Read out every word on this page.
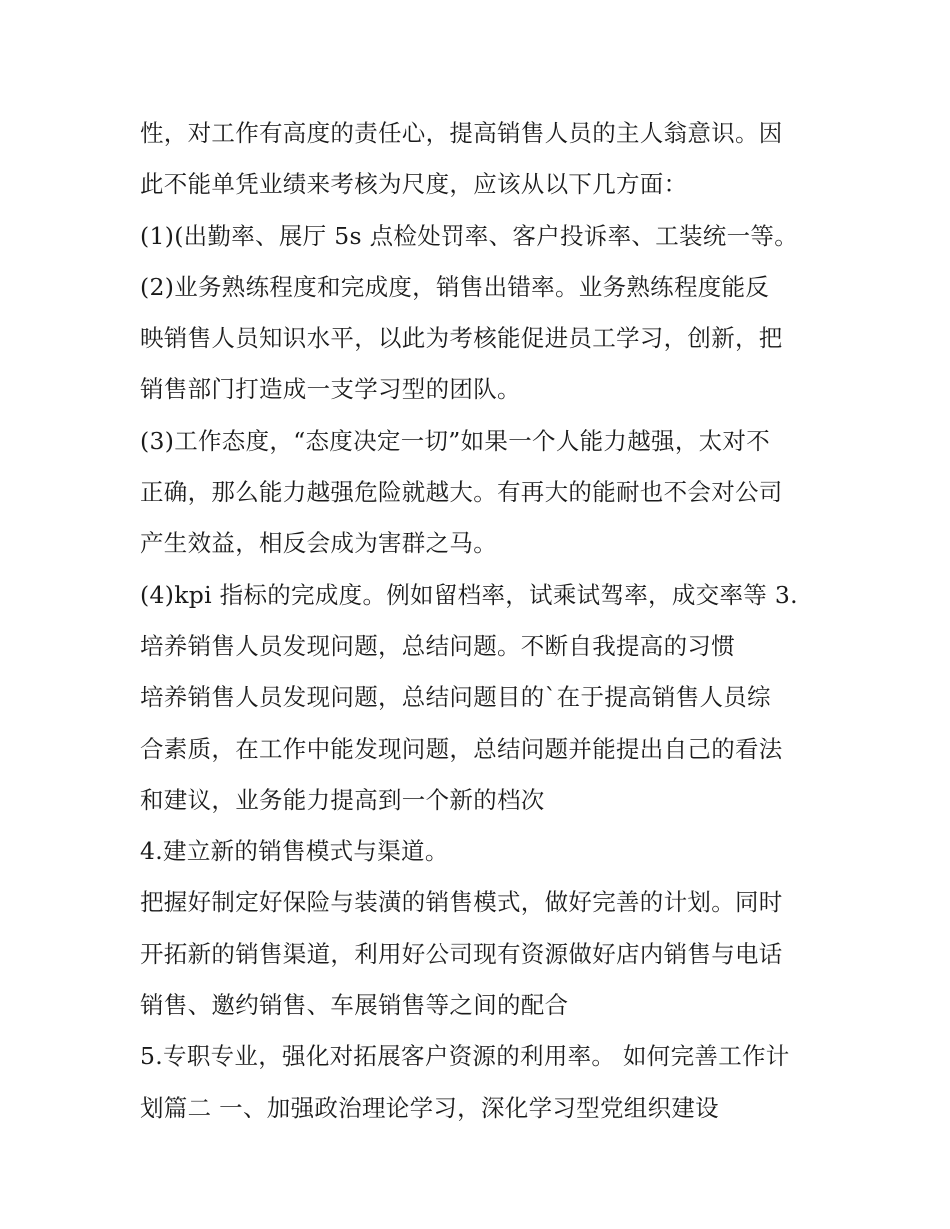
性，对工作有高度的责任心，提高销售人员的主人翁意识。因
此不能单凭业绩来考核为尺度，应该从以下几方面：
(1)(出勤率、展厅 5s 点检处罚率、客户投诉率、工装统一等。
(2)业务熟练程度和完成度，销售出错率。业务熟练程度能反
映销售人员知识水平，以此为考核能促进员工学习，创新，把
销售部门打造成一支学习型的团队。
(3)工作态度，“态度决定一切”如果一个人能力越强，太对不
正确，那么能力越强危险就越大。有再大的能耐也不会对公司
产生效益，相反会成为害群之马。
(4)kpi 指标的完成度。例如留档率，试乘试驾率，成交率等 3.
培养销售人员发现问题，总结问题。不断自我提高的习惯
培养销售人员发现问题，总结问题目的`在于提高销售人员综
合素质，在工作中能发现问题，总结问题并能提出自己的看法
和建议，业务能力提高到一个新的档次
4.建立新的销售模式与渠道。
把握好制定好保险与装潢的销售模式，做好完善的计划。同时
开拓新的销售渠道，利用好公司现有资源做好店内销售与电话
销售、邀约销售、车展销售等之间的配合
5.专职专业，强化对拓展客户资源的利用率。 如何完善工作计
划篇二 一、加强政治理论学习，深化学习型党组织建设
